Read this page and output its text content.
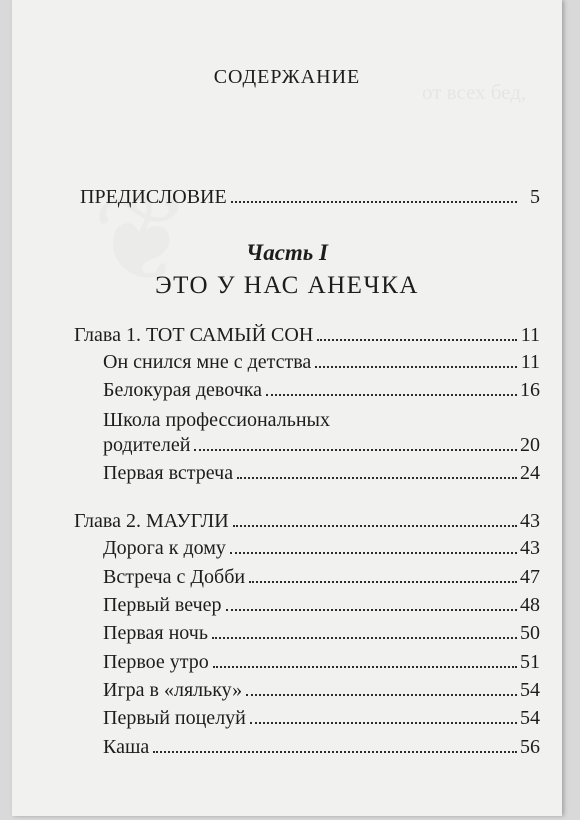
от всех бед,
СОДЕРЖАНИЕ
ПРЕДИСЛОВИЕ	5
Часть I
ЭТО У НАС АНЕЧКА
Глава 1. ТОТ САМЫЙ СОН	11
Он снился мне с детства	11
Белокурая девочка	16
Школа профессиональных
родителей	20
Первая встреча	24
Глава 2. МАУГЛИ	43
Дорога к дому	43
Встреча с Добби	47
Первый вечер	48
Первая ночь	50
Первое утро	51
Игра в «ляльку»	54
Первый поцелуй	54
Каша	56
